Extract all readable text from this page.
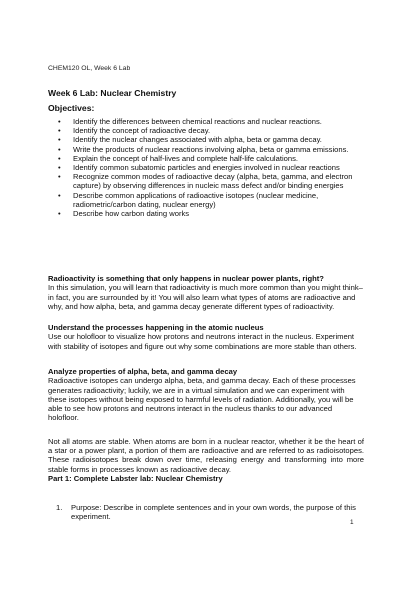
CHEM120 OL, Week 6 Lab
Week 6 Lab: Nuclear Chemistry
Objectives:
• Identify the differences between chemical reactions and nuclear reactions.
• Identify the concept of radioactive decay.
• Identify the nuclear changes associated with alpha, beta or gamma decay.
• Write the products of nuclear reactions involving alpha, beta or gamma emissions.
• Explain the concept of half-lives and complete half-life calculations.
• Identify common subatomic particles and energies involved in nuclear reactions
• Recognize common modes of radioactive decay (alpha, beta, gamma, and electron capture) by observing differences in nucleic mass defect and/or binding energies
• Describe common applications of radioactive isotopes (nuclear medicine, radiometric/carbon dating, nuclear energy)
• Describe how carbon dating works
Radioactivity is something that only happens in nuclear power plants, right?

In this simulation, you will learn that radioactivity is much more common than you might think–in fact, you are surrounded by it! You will also learn what types of atoms are radioactive and why, and how alpha, beta, and gamma decay generate different types of radioactivity.

Understand the processes happening in the atomic nucleus

Use our holofloor to visualize how protons and neutrons interact in the nucleus. Experiment with stability of isotopes and figure out why some combinations are more stable than others.

Analyze properties of alpha, beta, and gamma decay

Radioactive isotopes can undergo alpha, beta, and gamma decay. Each of these processes generates radioactivity; luckily, we are in a virtual simulation and we can experiment with these isotopes without being exposed to harmful levels of radiation. Additionally, you will be able to see how protons and neutrons interact in the nucleus thanks to our advanced holofloor.

Not all atoms are stable. When atoms are born in a nuclear reactor, whether it be the heart of a star or a power plant, a portion of them are radioactive and are referred to as radioisotopes. These radioisotopes break down over time, releasing energy and transforming into more stable forms in processes known as radioactive decay.

Part 1: Complete Labster lab: Nuclear Chemistry
1.	Purpose: Describe in complete sentences and in your own words, the purpose of this experiment.
1
